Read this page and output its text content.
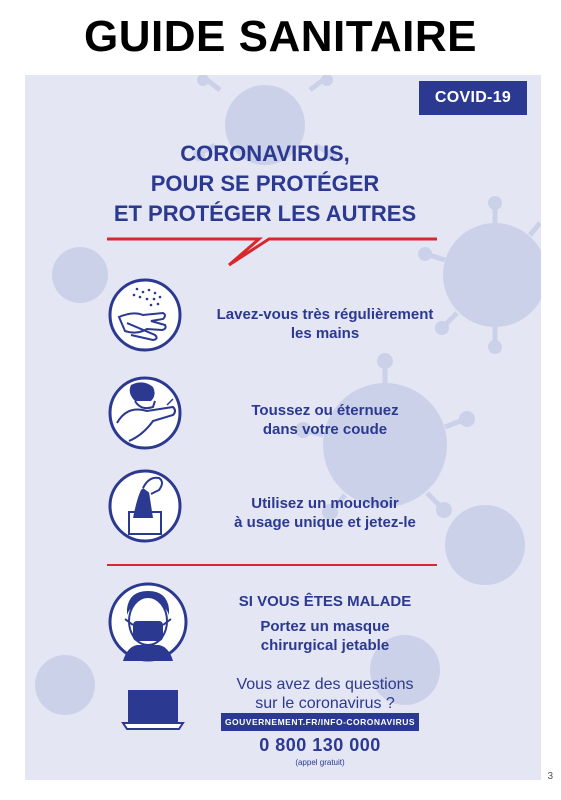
GUIDE SANITAIRE
COVID-19
CORONAVIRUS,
POUR SE PROTÉGER
ET PROTÉGER LES AUTRES
Lavez-vous très régulièrement
les mains
Toussez ou éternuez
dans votre coude
Utilisez un mouchoir
à usage unique et jetez-le
SI VOUS ÊTES MALADE
Portez un masque
chirurgical jetable
Vous avez des questions
sur le coronavirus ?
GOUVERNEMENT.FR/INFO-CORONAVIRUS
0 800 130 000
(appel gratuit)
3
